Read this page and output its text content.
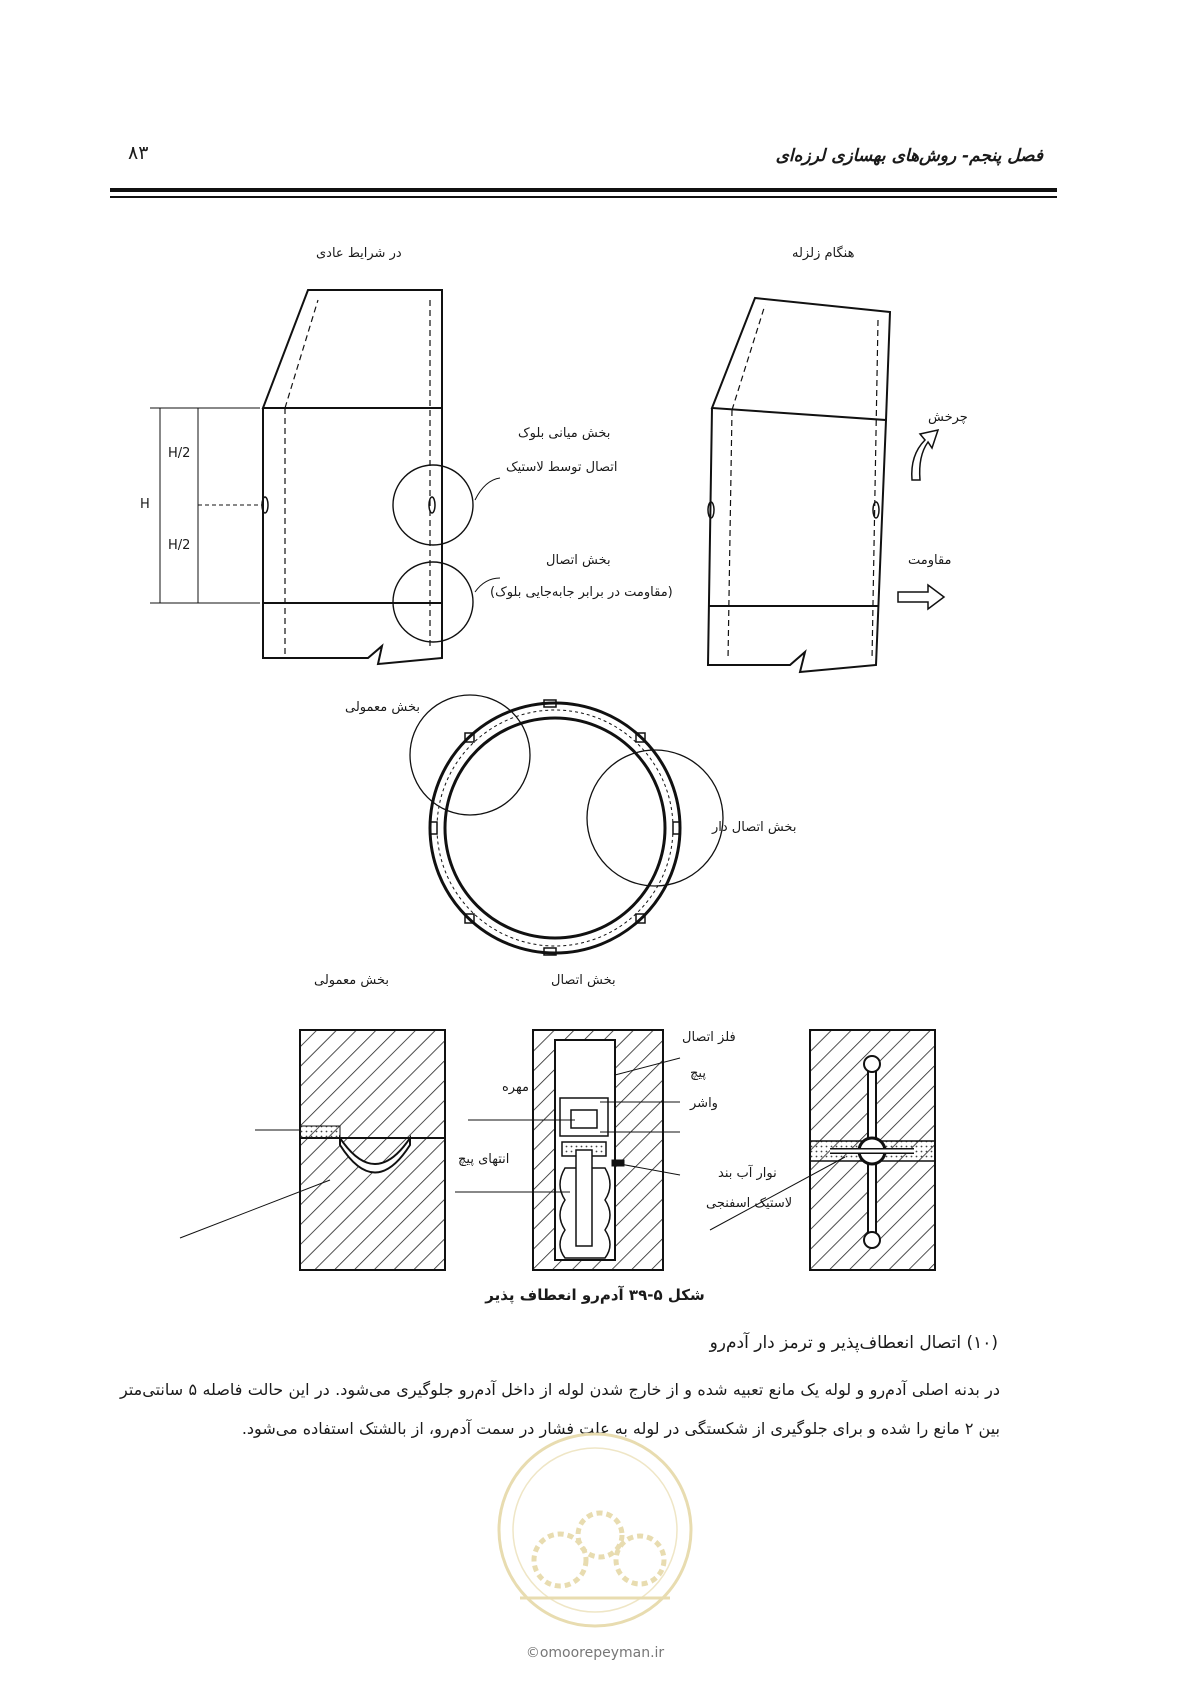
فصل پنجم- روش‌های بهسازی لرزه‌ای
۸۳
در شرایط عادی	هنگام زلزله
H
H/2
H/2
بخش میانی بلوک
اتصال توسط لاستیک
بخش اتصال
(مقاومت در برابر جابه‌جایی بلوک)
چرخش
مقاومت
بخش معمولی
بخش اتصال دار
بخش معمولی	بخش اتصال
فلز اتصال
پیچ
مهره
واشر
انتهای پیچ
نوار آب بند
لاستیک اسفنجی
شکل ۵-۳۹ آدم‌رو انعطاف پذیر
(۱۰) اتصال انعطاف‌پذیر و ترمز دار آدم‌رو
در بدنه اصلی آدم‌رو و لوله یک مانع تعبیه شده و از خارج شدن لوله از داخل آدم‌رو جلوگیری می‌شود. در این حالت فاصله ۵ سانتی‌متر بین ۲ مانع را شده و برای جلوگیری از شکستگی در لوله به علت فشار در سمت آدم‌رو، از بالشتک استفاده می‌شود.
©omoorepeyman.ir
